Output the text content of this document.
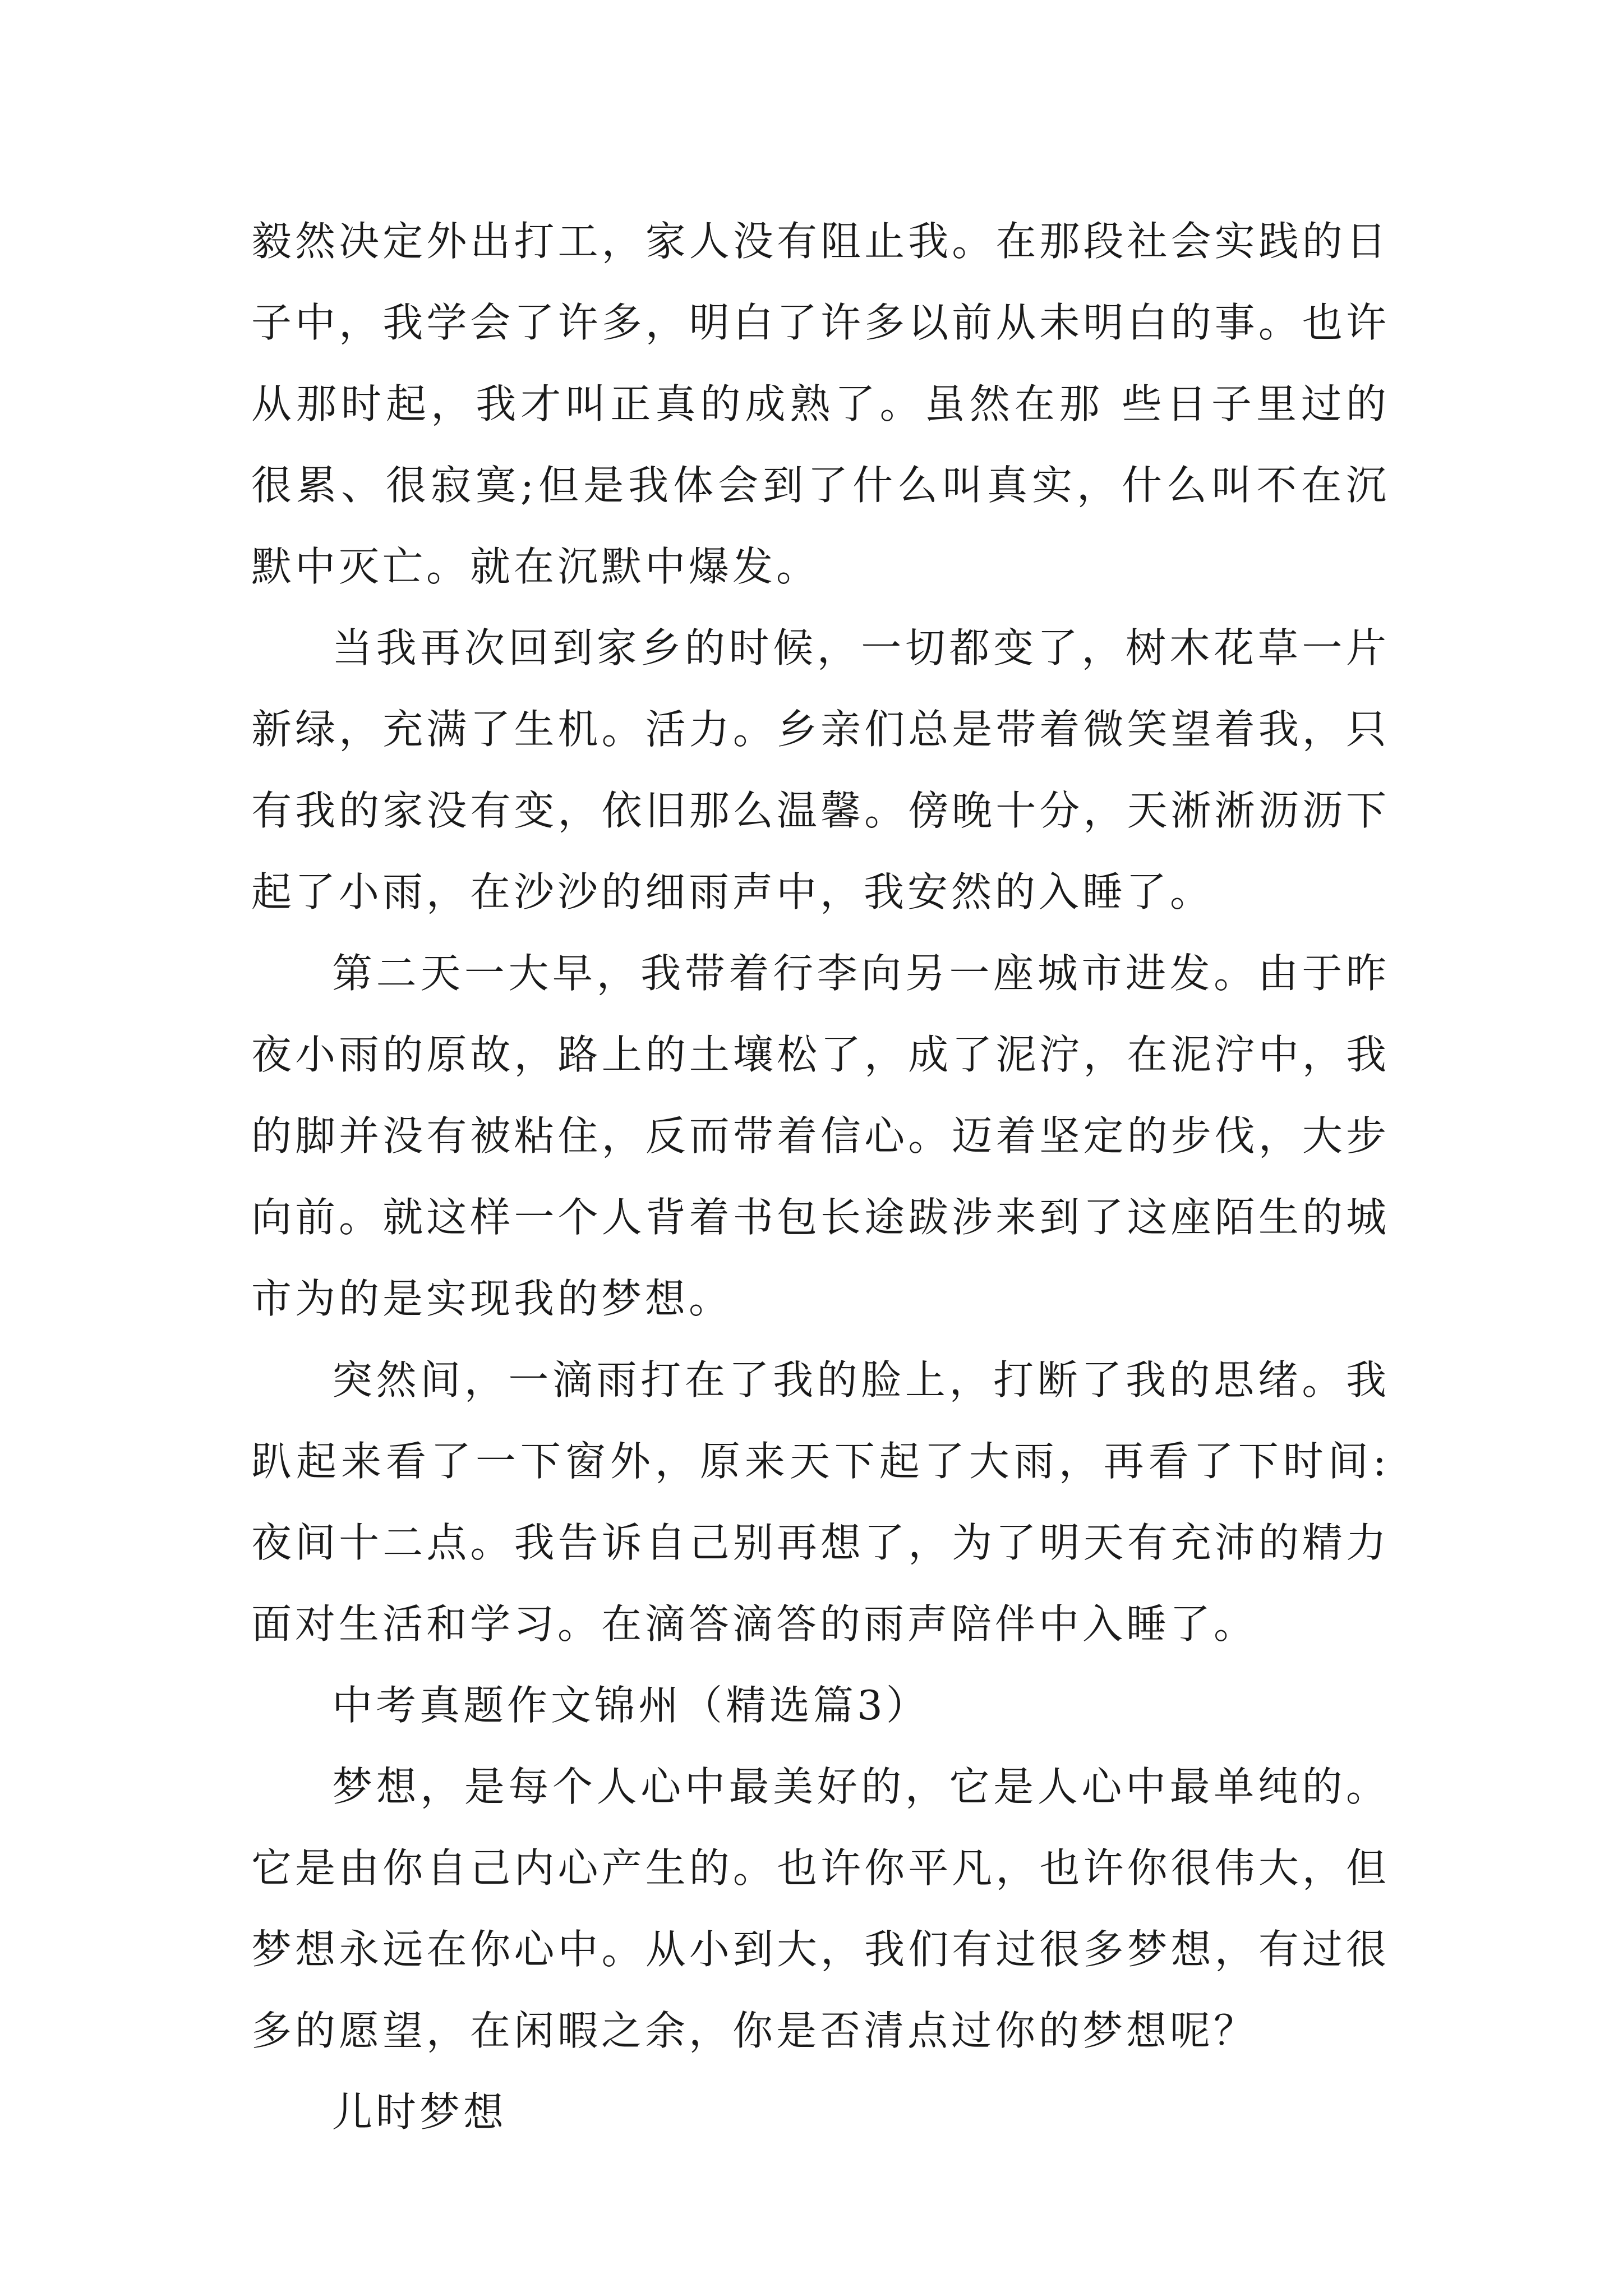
毅然决定外出打工，家人没有阻止我。在那段社会实践的日子中，我学会了许多，明白了许多以前从未明白的事。也许从那时起，我才叫正真的成熟了。虽然在那 些日子里过的很累、很寂寞;但是我体会到了什么叫真实，什么叫不在沉默中灭亡。就在沉默中爆发。

当我再次回到家乡的时候，一切都变了，树木花草一片新绿，充满了生机。活力。乡亲们总是带着微笑望着我，只有我的家没有变，依旧那么温馨。傍晚十分，天淅淅沥沥下起了小雨，在沙沙的细雨声中，我安然的入睡了。

第二天一大早，我带着行李向另一座城市进发。由于昨夜小雨的原故，路上的土壤松了，成了泥泞，在泥泞中，我的脚并没有被粘住，反而带着信心。迈着坚定的步伐，大步向前。就这样一个人背着书包长途跋涉来到了这座陌生的城市为的是实现我的梦想。

突然间，一滴雨打在了我的脸上，打断了我的思绪。我趴起来看了一下窗外，原来天下起了大雨，再看了下时间:夜间十二点。我告诉自己别再想了，为了明天有充沛的精力面对生活和学习。在滴答滴答的雨声陪伴中入睡了。

中考真题作文锦州（精选篇3）

梦想，是每个人心中最美好的，它是人心中最单纯的。它是由你自己内心产生的。也许你平凡，也许你很伟大，但梦想永远在你心中。从小到大，我们有过很多梦想，有过很多的愿望，在闲暇之余，你是否清点过你的梦想呢？

儿时梦想
